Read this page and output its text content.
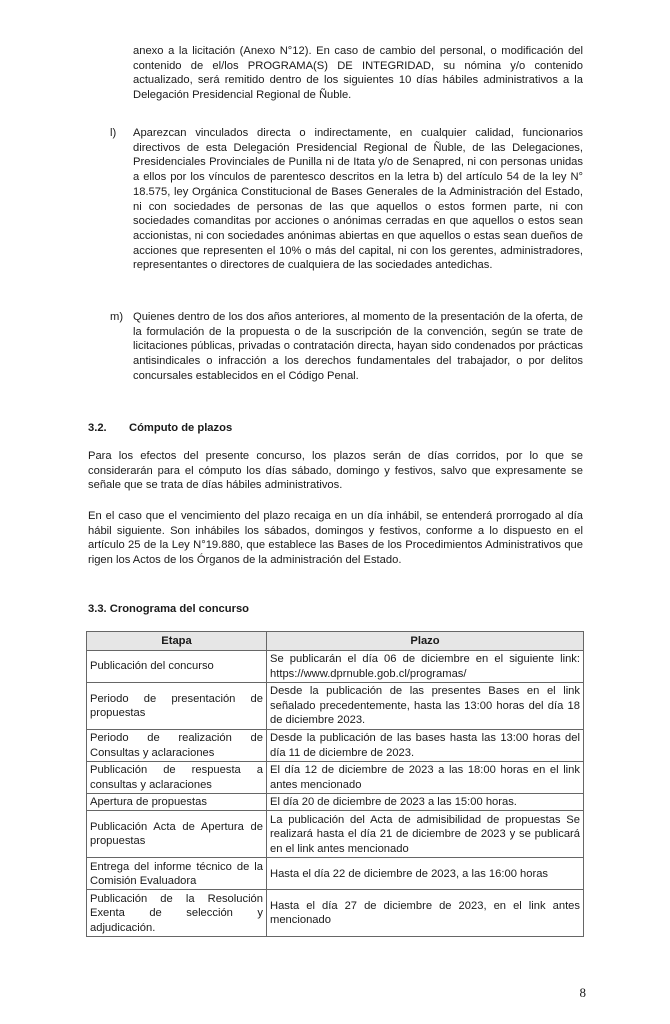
anexo a la licitación (Anexo N°12). En caso de cambio del personal, o modificación del contenido de el/los PROGRAMA(S) DE INTEGRIDAD, su nómina y/o contenido actualizado, será remitido dentro de los siguientes 10 días hábiles administrativos a la Delegación Presidencial Regional de Ñuble.

l) Aparezcan vinculados directa o indirectamente, en cualquier calidad, funcionarios directivos de esta Delegación Presidencial Regional de Ñuble, de las Delegaciones, Presidenciales Provinciales de Punilla ni de Itata y/o de Senapred, ni con personas unidas a ellos por los vínculos de parentesco descritos en la letra b) del artículo 54 de la ley N° 18.575, ley Orgánica Constitucional de Bases Generales de la Administración del Estado, ni con sociedades de personas de las que aquellos o estos formen parte, ni con sociedades comanditas por acciones o anónimas cerradas en que aquellos o estos sean accionistas, ni con sociedades anónimas abiertas en que aquellos o estas sean dueños de acciones que representen el 10% o más del capital, ni con los gerentes, administradores, representantes o directores de cualquiera de las sociedades antedichas.
m) Quienes dentro de los dos años anteriores, al momento de la presentación de la oferta, de la formulación de la propuesta o de la suscripción de la convención, según se trate de licitaciones públicas, privadas o contratación directa, hayan sido condenados por prácticas antisindicales o infracción a los derechos fundamentales del trabajador, o por delitos concursales establecidos en el Código Penal.
3.2. Cómputo de plazos

Para los efectos del presente concurso, los plazos serán de días corridos, por lo que se considerarán para el cómputo los días sábado, domingo y festivos, salvo que expresamente se señale que se trata de días hábiles administrativos.

En el caso que el vencimiento del plazo recaiga en un día inhábil, se entenderá prorrogado al día hábil siguiente. Son inhábiles los sábados, domingos y festivos, conforme a lo dispuesto en el artículo 25 de la Ley N°19.880, que establece las Bases de los Procedimientos Administrativos que rigen los Actos de los Órganos de la administración del Estado.

3.3. Cronograma del concurso
Etapa	Plazo
Publicación del concurso	Se publicarán el día 06 de diciembre en el siguiente link: https://www.dprnuble.gob.cl/programas/
Periodo de presentación de propuestas	Desde la publicación de las presentes Bases en el link señalado precedentemente, hasta las 13:00 horas del día 18 de diciembre 2023.
Periodo de realización de Consultas y aclaraciones	Desde la publicación de las bases hasta las 13:00 horas del día 11 de diciembre de 2023.
Publicación de respuesta a consultas y aclaraciones	El día 12 de diciembre de 2023 a las 18:00 horas en el link antes mencionado
Apertura de propuestas	El día 20 de diciembre de 2023 a las 15:00 horas.
Publicación Acta de Apertura de propuestas	La publicación del Acta de admisibilidad de propuestas Se realizará hasta el día 21 de diciembre de 2023 y se publicará en el link antes mencionado
Entrega del informe técnico de la Comisión Evaluadora	Hasta el día 22 de diciembre de 2023, a las 16:00 horas
Publicación de la Resolución Exenta de selección y adjudicación.	Hasta el día 27 de diciembre de 2023, en el link antes mencionado
8
